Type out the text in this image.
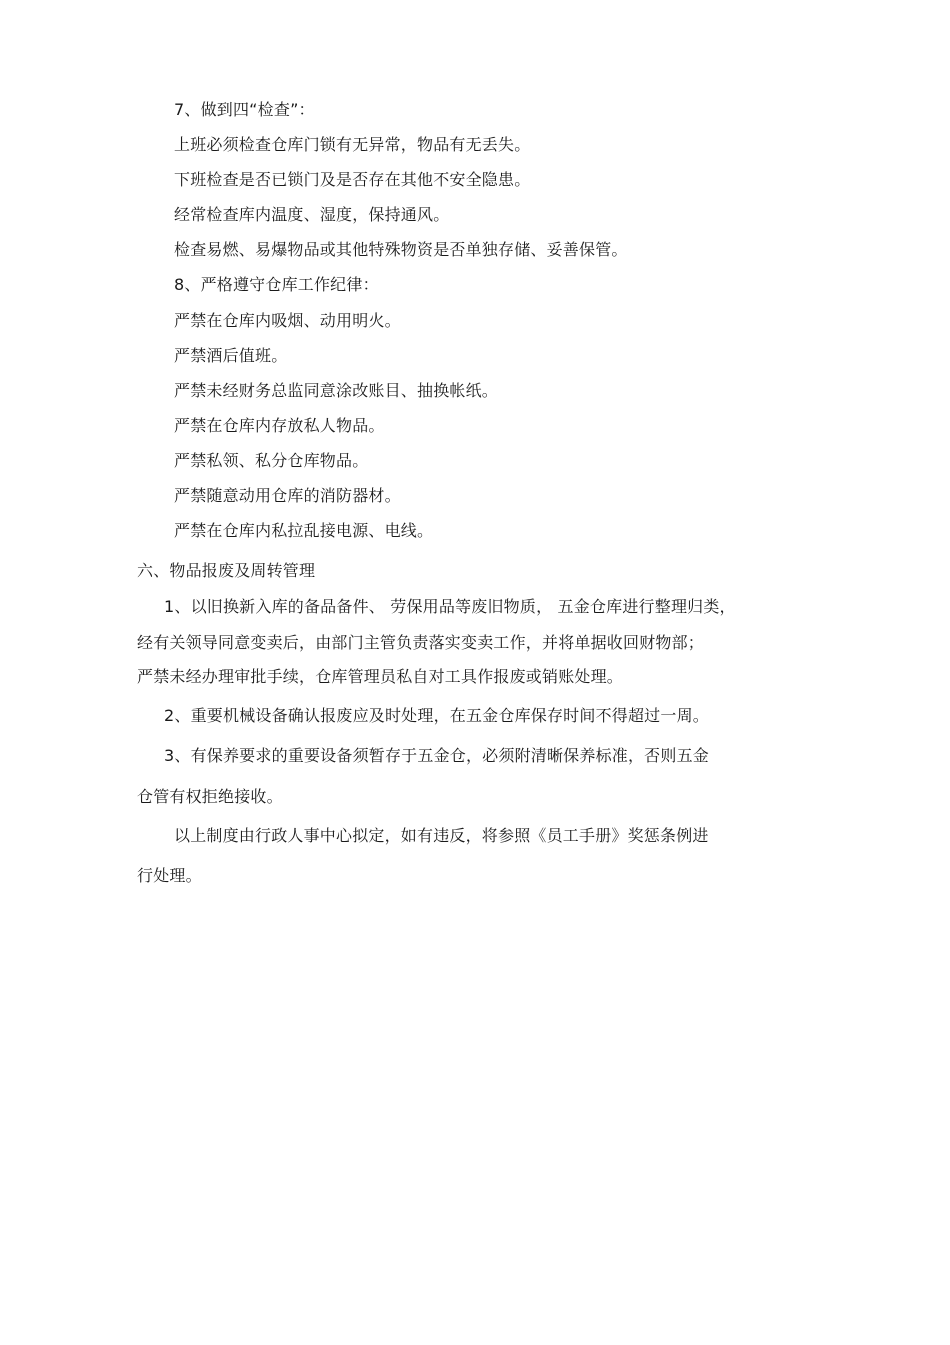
7、做到四“检查”：
上班必须检查仓库门锁有无异常，物品有无丢失。
下班检查是否已锁门及是否存在其他不安全隐患。
经常检查库内温度、湿度，保持通风。
检查易燃、易爆物品或其他特殊物资是否单独存储、妥善保管。
8、严格遵守仓库工作纪律：
严禁在仓库内吸烟、动用明火。
严禁酒后值班。
严禁未经财务总监同意涂改账目、抽换帐纸。
严禁在仓库内存放私人物品。
严禁私领、私分仓库物品。
严禁随意动用仓库的消防器材。
严禁在仓库内私拉乱接电源、电线。
六、物品报废及周转管理
1、以旧换新入库的备品备件、 劳保用品等废旧物质， 五金仓库进行整理归类，
经有关领导同意变卖后，由部门主管负责落实变卖工作，并将单据收回财物部；
严禁未经办理审批手续，仓库管理员私自对工具作报废或销账处理。
2、重要机械设备确认报废应及时处理，在五金仓库保存时间不得超过一周。
3、有保养要求的重要设备须暂存于五金仓，必须附清晰保养标准，否则五金
仓管有权拒绝接收。
以上制度由行政人事中心拟定，如有违反，将参照《员工手册》奖惩条例进
行处理。
